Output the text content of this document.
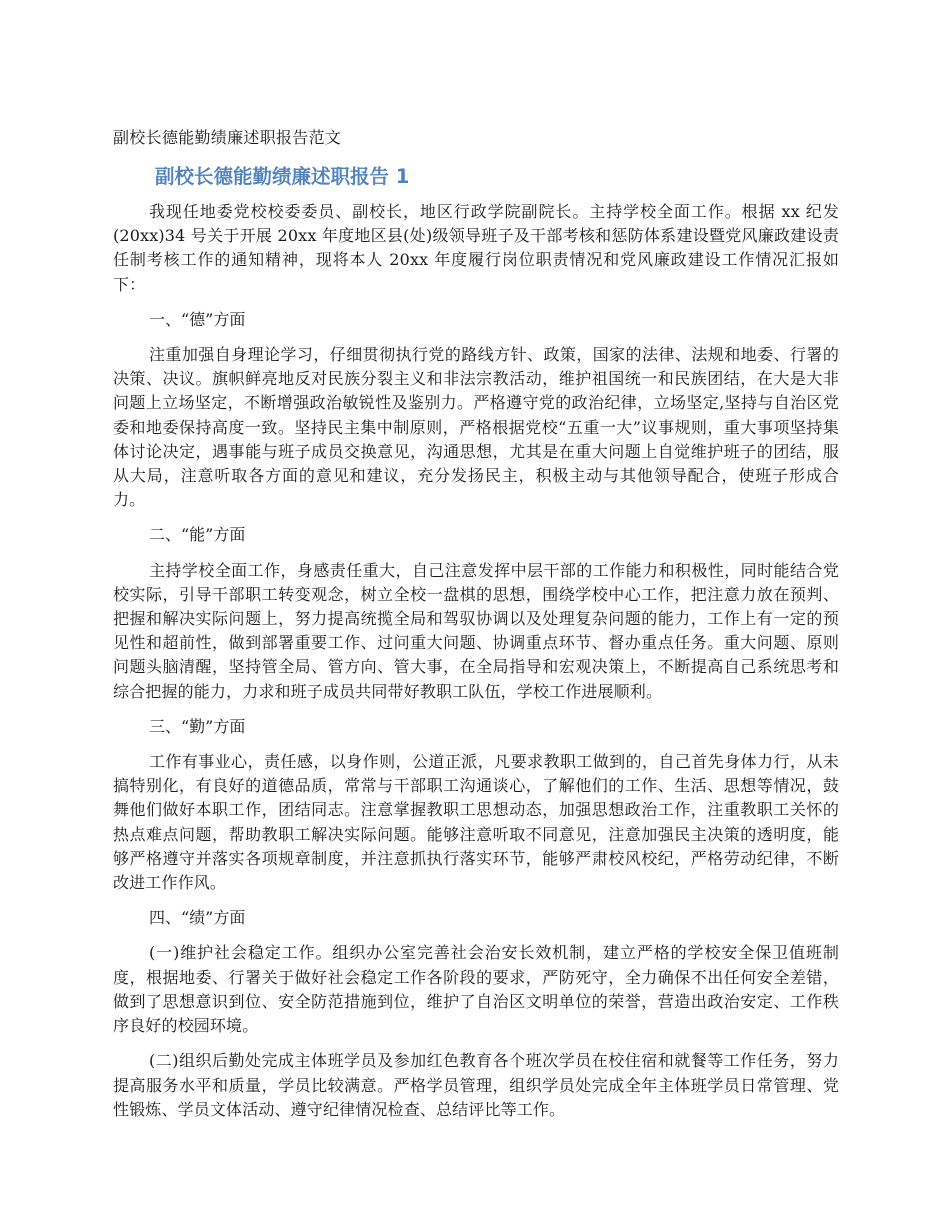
副校长德能勤绩廉述职报告范文
副校长德能勤绩廉述职报告 1

我现任地委党校校委委员、副校长，地区行政学院副院长。主持学校全面工作。根据 xx 纪发(20xx)34 号关于开展 20xx 年度地区县(处)级领导班子及干部考核和惩防体系建设暨党风廉政建设责任制考核工作的通知精神，现将本人 20xx 年度履行岗位职责情况和党风廉政建设工作情况汇报如下：

一、“德”方面

注重加强自身理论学习，仔细贯彻执行党的路线方针、政策，国家的法律、法规和地委、行署的决策、决议。旗帜鲜亮地反对民族分裂主义和非法宗教活动，维护祖国统一和民族团结，在大是大非问题上立场坚定，不断增强政治敏锐性及鉴别力。严格遵守党的政治纪律，立场坚定,坚持与自治区党委和地委保持高度一致。坚持民主集中制原则，严格根据党校“五重一大”议事规则，重大事项坚持集体讨论决定，遇事能与班子成员交换意见，沟通思想，尤其是在重大问题上自觉维护班子的团结，服从大局，注意听取各方面的意见和建议，充分发扬民主，积极主动与其他领导配合，使班子形成合力。

二、“能”方面

主持学校全面工作，身感责任重大，自己注意发挥中层干部的工作能力和积极性，同时能结合党校实际，引导干部职工转变观念，树立全校一盘棋的思想，围绕学校中心工作，把注意力放在预判、把握和解决实际问题上，努力提高统揽全局和驾驭协调以及处理复杂问题的能力，工作上有一定的预见性和超前性，做到部署重要工作、过问重大问题、协调重点环节、督办重点任务。重大问题、原则问题头脑清醒，坚持管全局、管方向、管大事，在全局指导和宏观决策上，不断提高自己系统思考和综合把握的能力，力求和班子成员共同带好教职工队伍，学校工作进展顺利。

三、“勤”方面

工作有事业心，责任感，以身作则，公道正派，凡要求教职工做到的，自己首先身体力行，从未搞特别化，有良好的道德品质，常常与干部职工沟通谈心，了解他们的工作、生活、思想等情况，鼓舞他们做好本职工作，团结同志。注意掌握教职工思想动态，加强思想政治工作，注重教职工关怀的热点难点问题，帮助教职工解决实际问题。能够注意听取不同意见，注意加强民主决策的透明度，能够严格遵守并落实各项规章制度，并注意抓执行落实环节，能够严肃校风校纪，严格劳动纪律，不断改进工作作风。

四、“绩”方面

(一)维护社会稳定工作。组织办公室完善社会治安长效机制，建立严格的学校安全保卫值班制度，根据地委、行署关于做好社会稳定工作各阶段的要求，严防死守，全力确保不出任何安全差错，做到了思想意识到位、安全防范措施到位，维护了自治区文明单位的荣誉，营造出政治安定、工作秩序良好的校园环境。

(二)组织后勤处完成主体班学员及参加红色教育各个班次学员在校住宿和就餐等工作任务，努力提高服务水平和质量，学员比较满意。严格学员管理，组织学员处完成全年主体班学员日常管理、党性锻炼、学员文体活动、遵守纪律情况检查、总结评比等工作。
